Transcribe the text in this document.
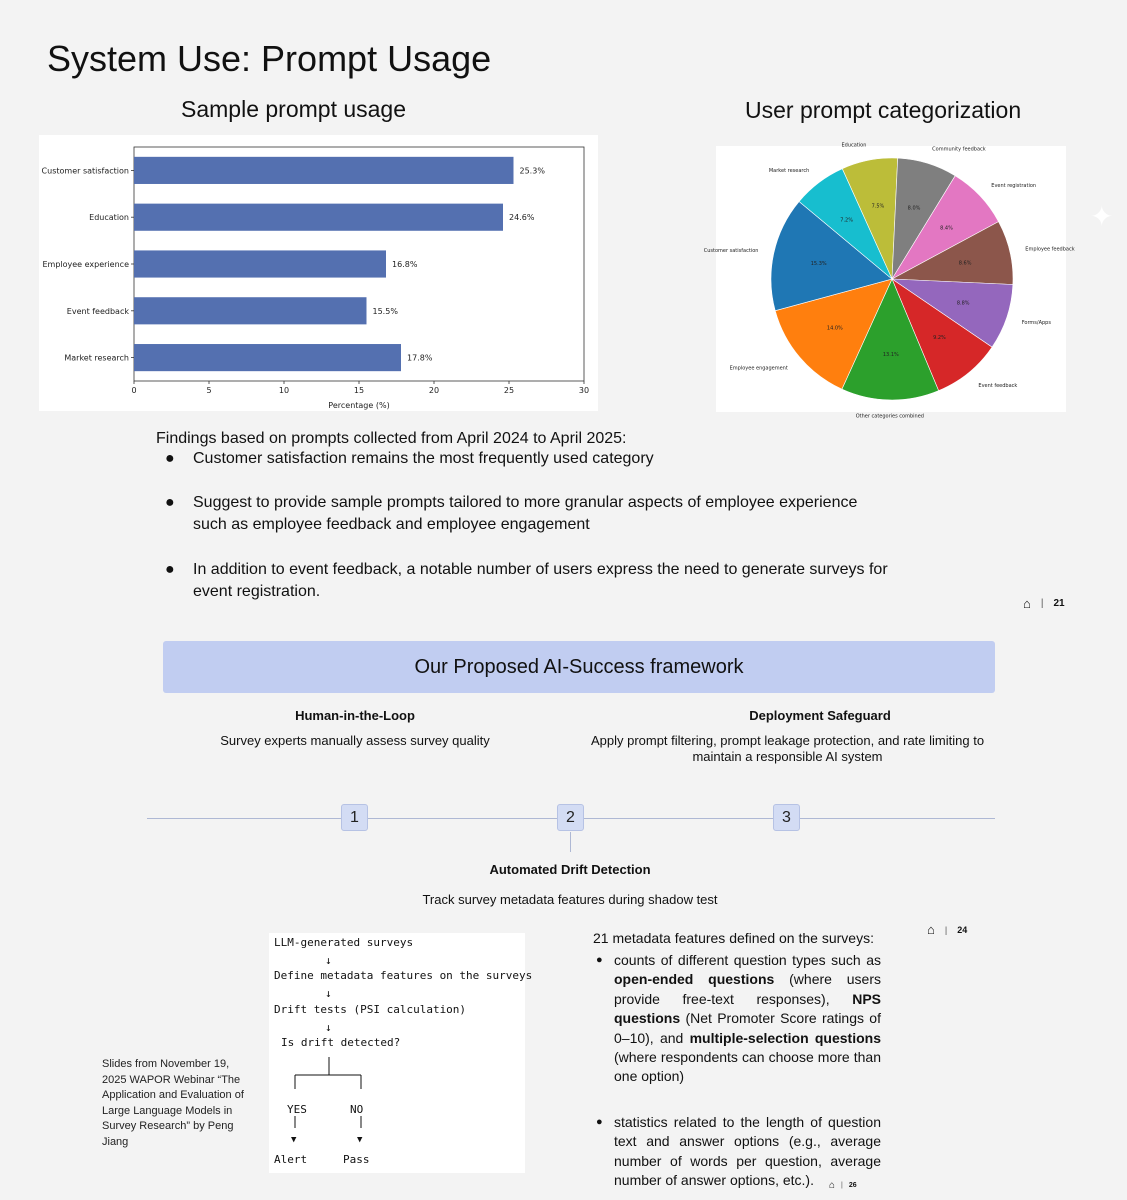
System Use: Prompt Usage
Sample prompt usage	User prompt categorization
Customer satisfaction	25.3%
Education	24.6%
Employee experience	16.8%
Event feedback	15.5%
Market research	17.8%
0	5	10	15	20	25	30
Percentage (%)
7.5%
Education
8.0%
Community feedback
8.4%
Event registration
8.6%
Employee feedback
8.8%
Forms/Apps
9.2%
Event feedback
13.1%
Other categories combined
14.0%
Employee engagement
15.3%
Customer satisfaction
7.2%
Market research
✦
Findings based on prompts collected from April 2024 to April 2025:
●	Customer satisfaction remains the most frequently used category
●	Suggest to provide sample prompts tailored to more granular aspects of employee experience such as employee feedback and employee engagement
●	In addition to event feedback, a notable number of users express the need to generate surveys for event registration.
⌂ | 21
Our Proposed AI-Success framework
Human-in-the-Loop
Survey experts manually assess survey quality
Deployment Safeguard
Apply prompt filtering, prompt leakage protection, and rate limiting to maintain a responsible AI system
1	2	3
Automated Drift Detection
Track survey metadata features during shadow test
⌂ | 24
LLM-generated surveys
↓
Define metadata features on the surveys
↓
Drift tests (PSI calculation)
↓
Is drift detected?
YES	NO
▼	▼
Alert	Pass
21 metadata features defined on the surveys:
● counts of different question types such as open-ended questions (where users provide free-text responses), NPS questions (Net Promoter Score ratings of 0–10), and multiple-selection questions (where respondents can choose more than one option)
● statistics related to the length of question text and answer options (e.g., average number of words per question, average number of answer options, etc.).	⌂ | 26
Slides from November 19, 2025 WAPOR Webinar “The Application and Evaluation of Large Language Models in Survey Research” by Peng Jiang
